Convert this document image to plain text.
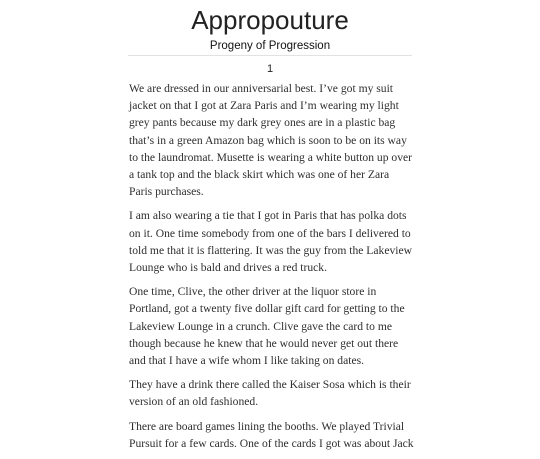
Appropouture
Progeny of Progression
1

We are dressed in our anniversarial best. I’ve got my suit jacket on that I got at Zara Paris and I’m wearing my light grey pants because my dark grey ones are in a plastic bag that’s in a green Amazon bag which is soon to be on its way to the laundromat. Musette is wearing a white button up over a tank top and the black skirt which was one of her Zara Paris purchases.

I am also wearing a tie that I got in Paris that has polka dots on it. One time somebody from one of the bars I delivered to told me that it is flattering. It was the guy from the Lakeview Lounge who is bald and drives a red truck.

One time, Clive, the other driver at the liquor store in Portland, got a twenty five dollar gift card for getting to the Lakeview Lounge in a crunch. Clive gave the card to me though because he knew that he would never get out there and that I have a wife whom I like taking on dates.

They have a drink there called the Kaiser Sosa which is their version of an old fashioned.

There are board games lining the booths. We played Trivial Pursuit for a few cards. One of the cards I got was about Jack
